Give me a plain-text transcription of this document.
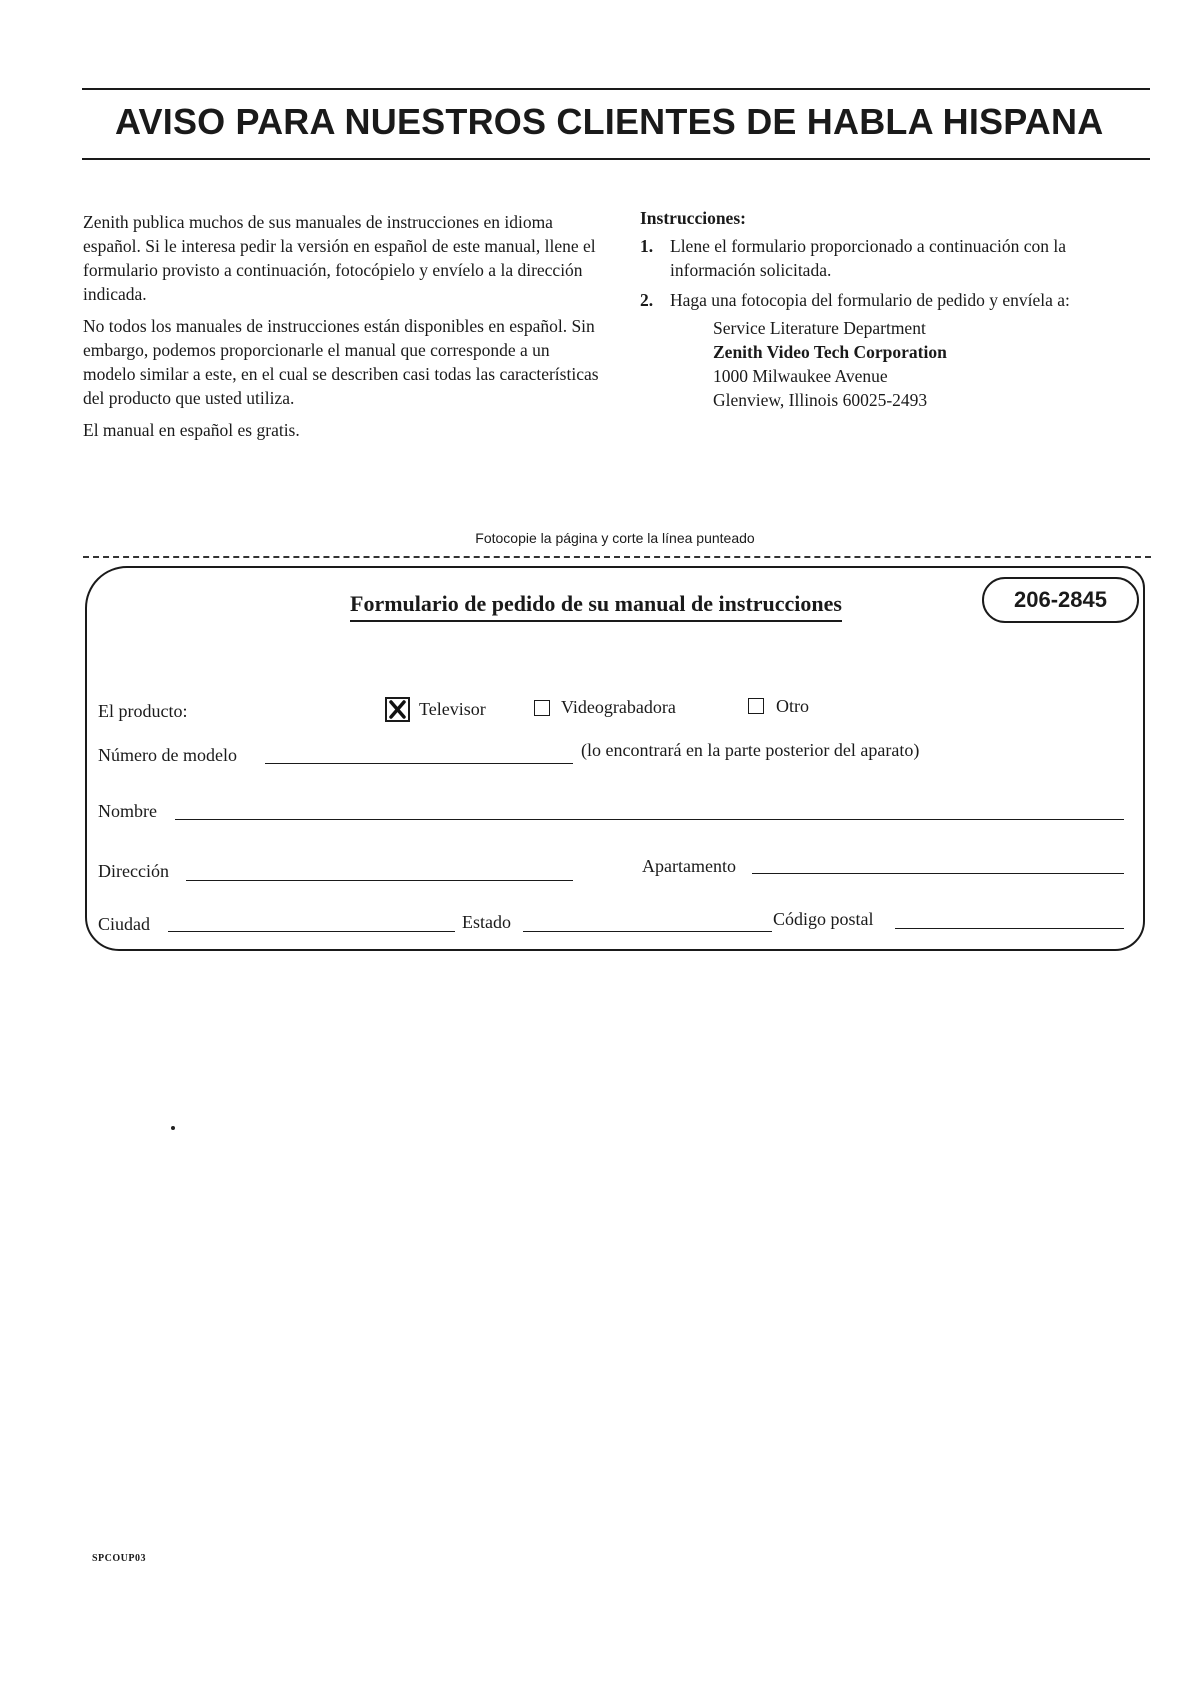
AVISO PARA NUESTROS CLIENTES DE HABLA HISPANA

Zenith publica muchos de sus manuales de instrucciones en idioma español. Si le interesa pedir la versión en español de este manual, llene el formulario provisto a continuación, fotocópielo y envíelo a la dirección indicada.

No todos los manuales de instrucciones están disponibles en español. Sin embargo, podemos proporcionarle el manual que corresponde a un modelo similar a este, en el cual se describen casi todas las características del producto que usted utiliza.

El manual en español es gratis.

Instrucciones:
1. Llene el formulario proporcionado a continuación con la información solicitada.
2. Haga una fotocopia del formulario de pedido y envíela a:
Service Literature Department
Zenith Video Tech Corporation
1000 Milwaukee Avenue
Glenview, Illinois 60025-2493
Fotocopie la página y corte la línea punteado
Formulario de pedido de su manual de instrucciones	206-2845
El producto:	Televisor	Videograbadora	Otro
Número de modelo	(lo encontrará en la parte posterior del aparato)
Nombre
Dirección	Apartamento
Ciudad	Estado	Código postal
SPCOUP03
